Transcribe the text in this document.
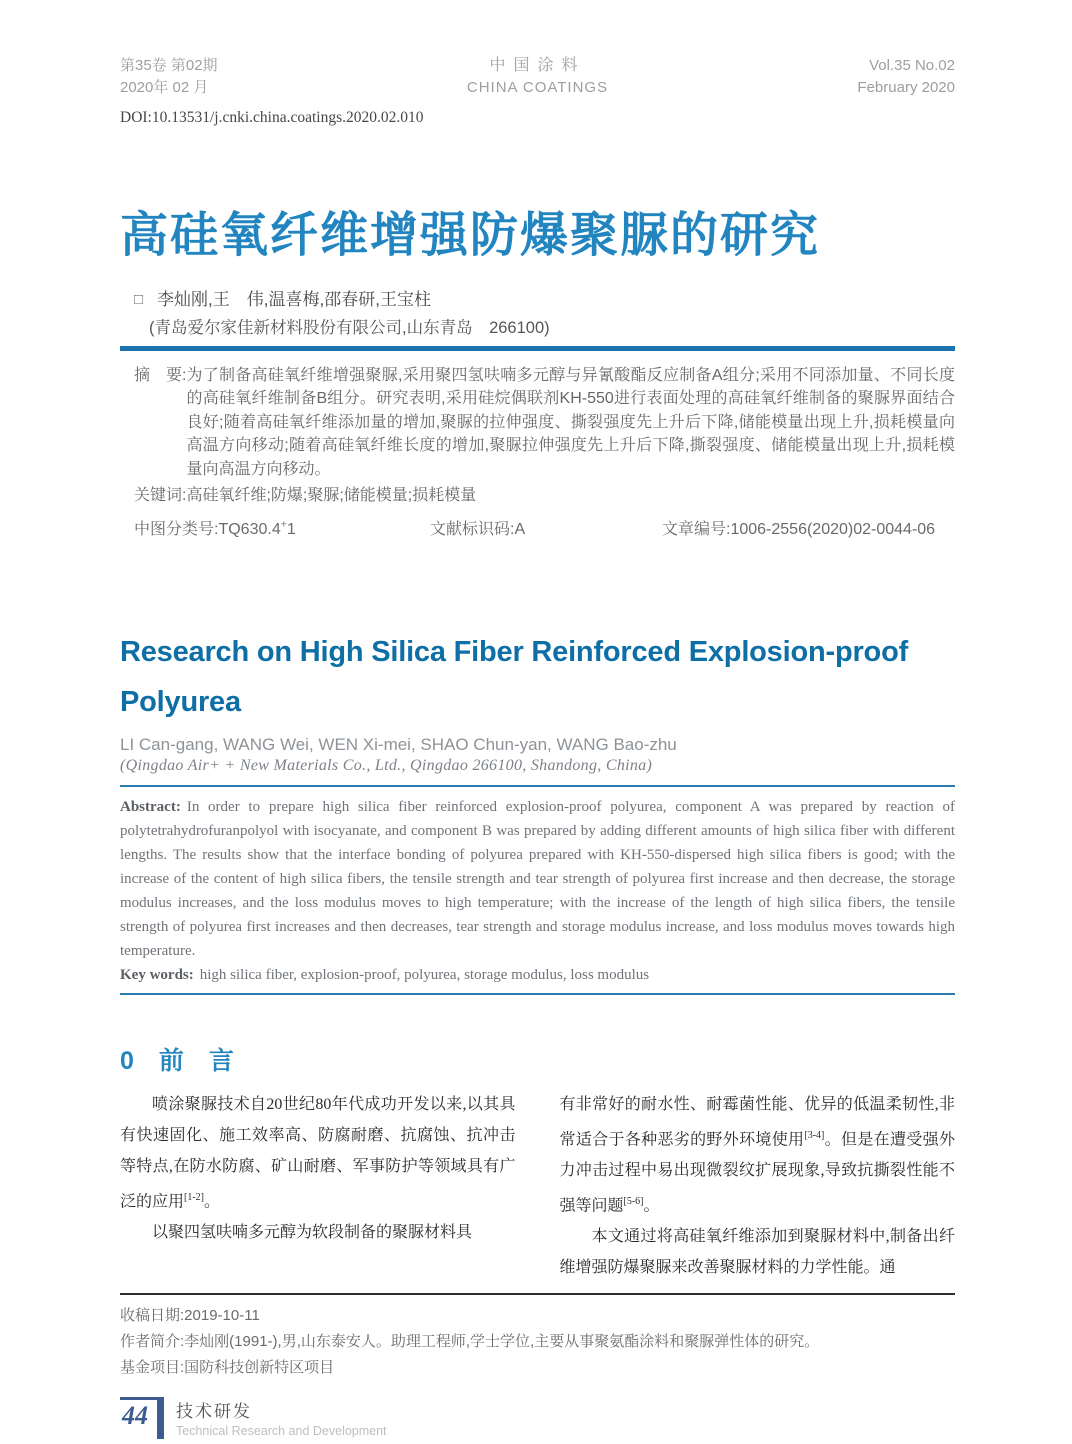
第35卷 第02期
2020年 02 月
中国涂料
CHINA COATINGS
Vol.35 No.02
February 2020
DOI:10.13531/j.cnki.china.coatings.2020.02.010
高硅氧纤维增强防爆聚脲的研究
□ 李灿刚,王　伟,温喜梅,邵春研,王宝柱
(青岛爱尔家佳新材料股份有限公司,山东青岛　266100)
摘　要: 为了制备高硅氧纤维增强聚脲,采用聚四氢呋喃多元醇与异氰酸酯反应制备A组分;采用不同添加量、不同长度的高硅氧纤维制备B组分。研究表明,采用硅烷偶联剂KH-550进行表面处理的高硅氧纤维制备的聚脲界面结合良好;随着高硅氧纤维添加量的增加,聚脲的拉伸强度、撕裂强度先上升后下降,储能模量出现上升,损耗模量向高温方向移动;随着高硅氧纤维长度的增加,聚脲拉伸强度先上升后下降,撕裂强度、储能模量出现上升,损耗模量向高温方向移动。
关键词: 高硅氧纤维;防爆;聚脲;储能模量;损耗模量
中图分类号:TQ630.4+1	文献标识码:A	文章编号:1006-2556(2020)02-0044-06
Research on High Silica Fiber Reinforced Explosion-proof Polyurea
LI Can-gang, WANG Wei, WEN Xi-mei, SHAO Chun-yan, WANG Bao-zhu
(Qingdao Air+ + New Materials Co., Ltd., Qingdao 266100, Shandong, China)
Abstract: In order to prepare high silica fiber reinforced explosion-proof polyurea, component A was prepared by reaction of polytetrahydrofuranpolyol with isocyanate, and component B was prepared by adding different amounts of high silica fiber with different lengths. The results show that the interface bonding of polyurea prepared with KH-550-dispersed high silica fibers is good; with the increase of the content of high silica fibers, the tensile strength and tear strength of polyurea first increase and then decrease, the storage modulus increases, and the loss modulus moves to high temperature; with the increase of the length of high silica fibers, the tensile strength of polyurea first increases and then decreases, tear strength and storage modulus increase, and loss modulus moves towards high temperature.
Key words: high silica fiber, explosion-proof, polyurea, storage modulus, loss modulus
0　前　言

喷涂聚脲技术自20世纪80年代成功开发以来,以其具有快速固化、施工效率高、防腐耐磨、抗腐蚀、抗冲击等特点,在防水防腐、矿山耐磨、军事防护等领域具有广泛的应用[1-2]。

以聚四氢呋喃多元醇为软段制备的聚脲材料具

有非常好的耐水性、耐霉菌性能、优异的低温柔韧性,非常适合于各种恶劣的野外环境使用[3-4]。但是在遭受强外力冲击过程中易出现微裂纹扩展现象,导致抗撕裂性能不强等问题[5-6]。

本文通过将高硅氧纤维添加到聚脲材料中,制备出纤维增强防爆聚脲来改善聚脲材料的力学性能。通

收稿日期:2019-10-11
作者简介:李灿刚(1991-),男,山东泰安人。助理工程师,学士学位,主要从事聚氨酯涂料和聚脲弹性体的研究。
基金项目:国防科技创新特区项目
44 技术研发
Technical Research and Development
